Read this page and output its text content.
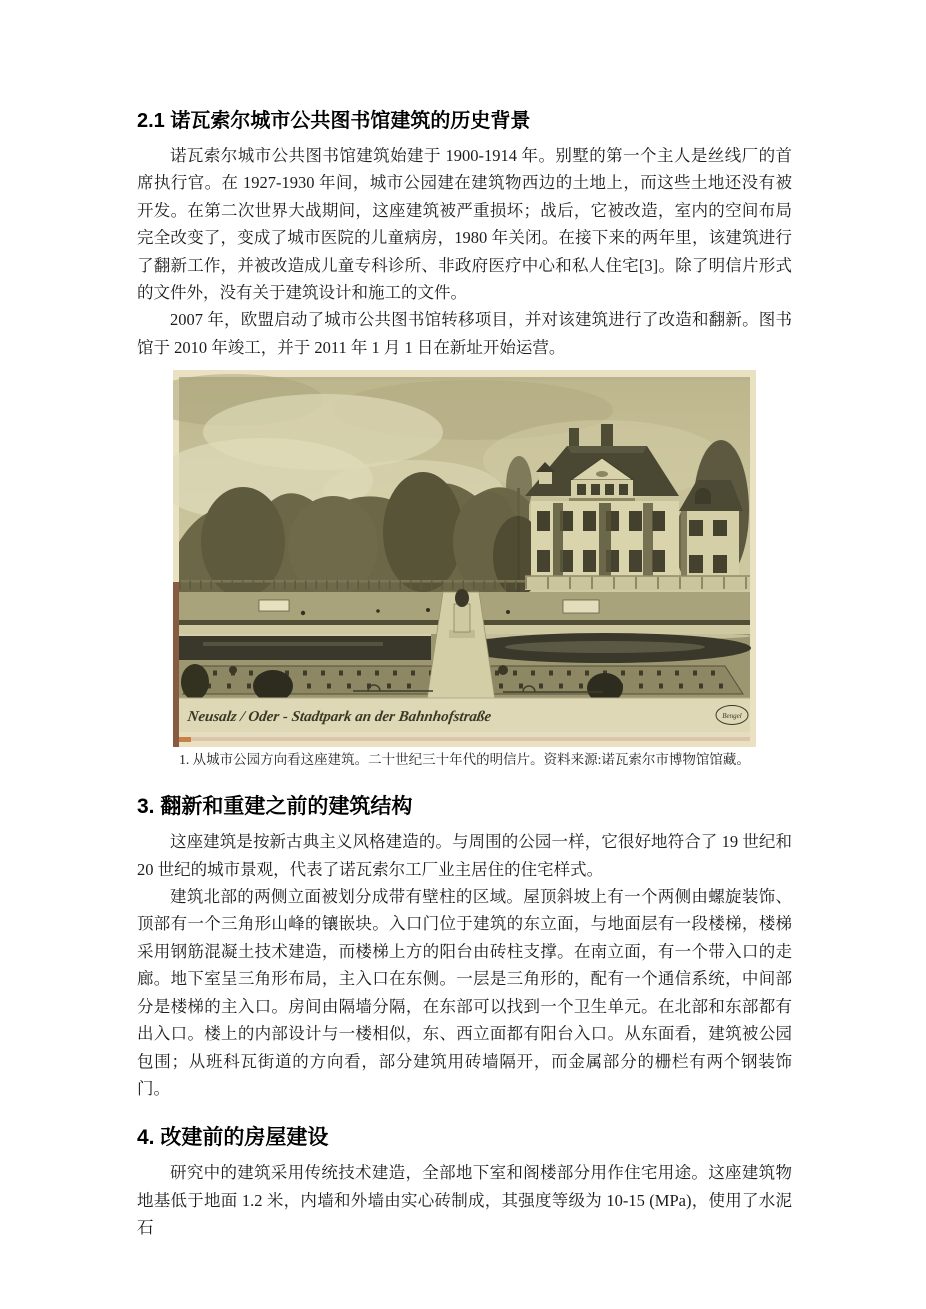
2.1 诺瓦索尔城市公共图书馆建筑的历史背景

诺瓦索尔城市公共图书馆建筑始建于 1900-1914 年。别墅的第一个主人是丝线厂的首席执行官。在 1927-1930 年间，城市公园建在建筑物西边的土地上，而这些土地还没有被开发。在第二次世界大战期间，这座建筑被严重损坏；战后，它被改造，室内的空间布局完全改变了，变成了城市医院的儿童病房，1980 年关闭。在接下来的两年里，该建筑进行了翻新工作，并被改造成儿童专科诊所、非政府医疗中心和私人住宅[3]。除了明信片形式的文件外，没有关于建筑设计和施工的文件。

2007 年，欧盟启动了城市公共图书馆转移项目，并对该建筑进行了改造和翻新。图书馆于 2010 年竣工，并于 2011 年 1 月 1 日在新址开始运营。

Neusalz / Oder - Stadtpark an der Bahnhofstraße	Bengel
1. 从城市公园方向看这座建筑。二十世纪三十年代的明信片。资料来源:诺瓦索尔市博物馆馆藏。
3. 翻新和重建之前的建筑结构

这座建筑是按新古典主义风格建造的。与周围的公园一样，它很好地符合了 19 世纪和 20 世纪的城市景观，代表了诺瓦索尔工厂业主居住的住宅样式。

建筑北部的两侧立面被划分成带有壁柱的区域。屋顶斜坡上有一个两侧由螺旋装饰、顶部有一个三角形山峰的镶嵌块。入口门位于建筑的东立面，与地面层有一段楼梯，楼梯采用钢筋混凝土技术建造，而楼梯上方的阳台由砖柱支撑。在南立面，有一个带入口的走廊。地下室呈三角形布局，主入口在东侧。一层是三角形的，配有一个通信系统，中间部分是楼梯的主入口。房间由隔墙分隔，在东部可以找到一个卫生单元。在北部和东部都有出入口。楼上的内部设计与一楼相似，东、西立面都有阳台入口。从东面看，建筑被公园包围；从班科瓦街道的方向看，部分建筑用砖墙隔开，而金属部分的栅栏有两个钢装饰门。

4. 改建前的房屋建设

研究中的建筑采用传统技术建造，全部地下室和阁楼部分用作住宅用途。这座建筑物地基低于地面 1.2 米，内墙和外墙由实心砖制成，其强度等级为 10-15 (MPa)，使用了水泥石
